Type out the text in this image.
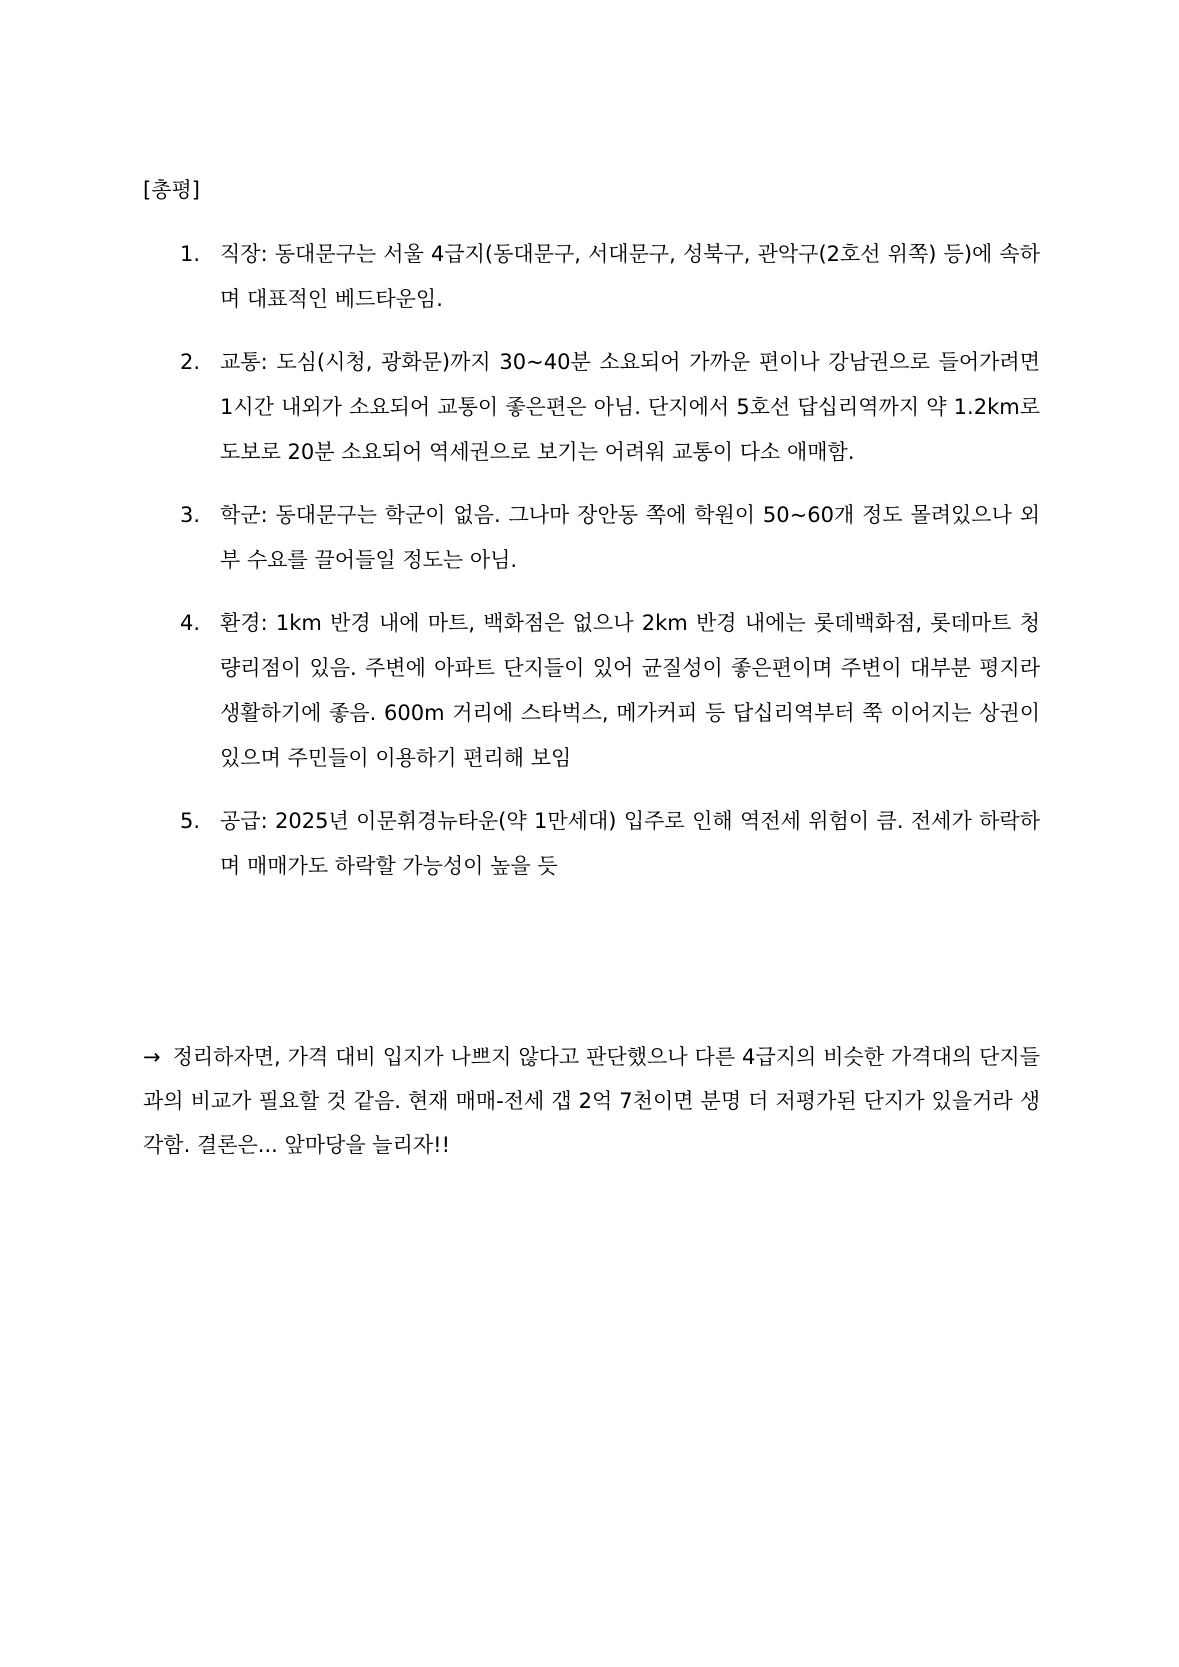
[총평]
1. 직장: 동대문구는 서울 4급지(동대문구, 서대문구, 성북구, 관악구(2호선 위쪽) 등)에 속하며 대표적인 베드타운임.
2. 교통: 도심(시청, 광화문)까지 30~40분 소요되어 가까운 편이나 강남권으로 들어가려면 1시간 내외가 소요되어 교통이 좋은편은 아님. 단지에서 5호선 답십리역까지 약 1.2km로 도보로 20분 소요되어 역세권으로 보기는 어려워 교통이 다소 애매함.
3. 학군: 동대문구는 학군이 없음. 그나마 장안동 쪽에 학원이 50~60개 정도 몰려있으나 외부 수요를 끌어들일 정도는 아님.
4. 환경: 1km 반경 내에 마트, 백화점은 없으나 2km 반경 내에는 롯데백화점, 롯데마트 청량리점이 있음. 주변에 아파트 단지들이 있어 균질성이 좋은편이며 주변이 대부분 평지라 생활하기에 좋음. 600m 거리에 스타벅스, 메가커피 등 답십리역부터 쭉 이어지는 상권이 있으며 주민들이 이용하기 편리해 보임
5. 공급: 2025년 이문휘경뉴타운(약 1만세대) 입주로 인해 역전세 위험이 큼. 전세가 하락하며 매매가도 하락할 가능성이 높을 듯

→ 정리하자면, 가격 대비 입지가 나쁘지 않다고 판단했으나 다른 4급지의 비슷한 가격대의 단지들과의 비교가 필요할 것 같음. 현재 매매-전세 갭 2억 7천이면 분명 더 저평가된 단지가 있을거라 생각함. 결론은... 앞마당을 늘리자!!
